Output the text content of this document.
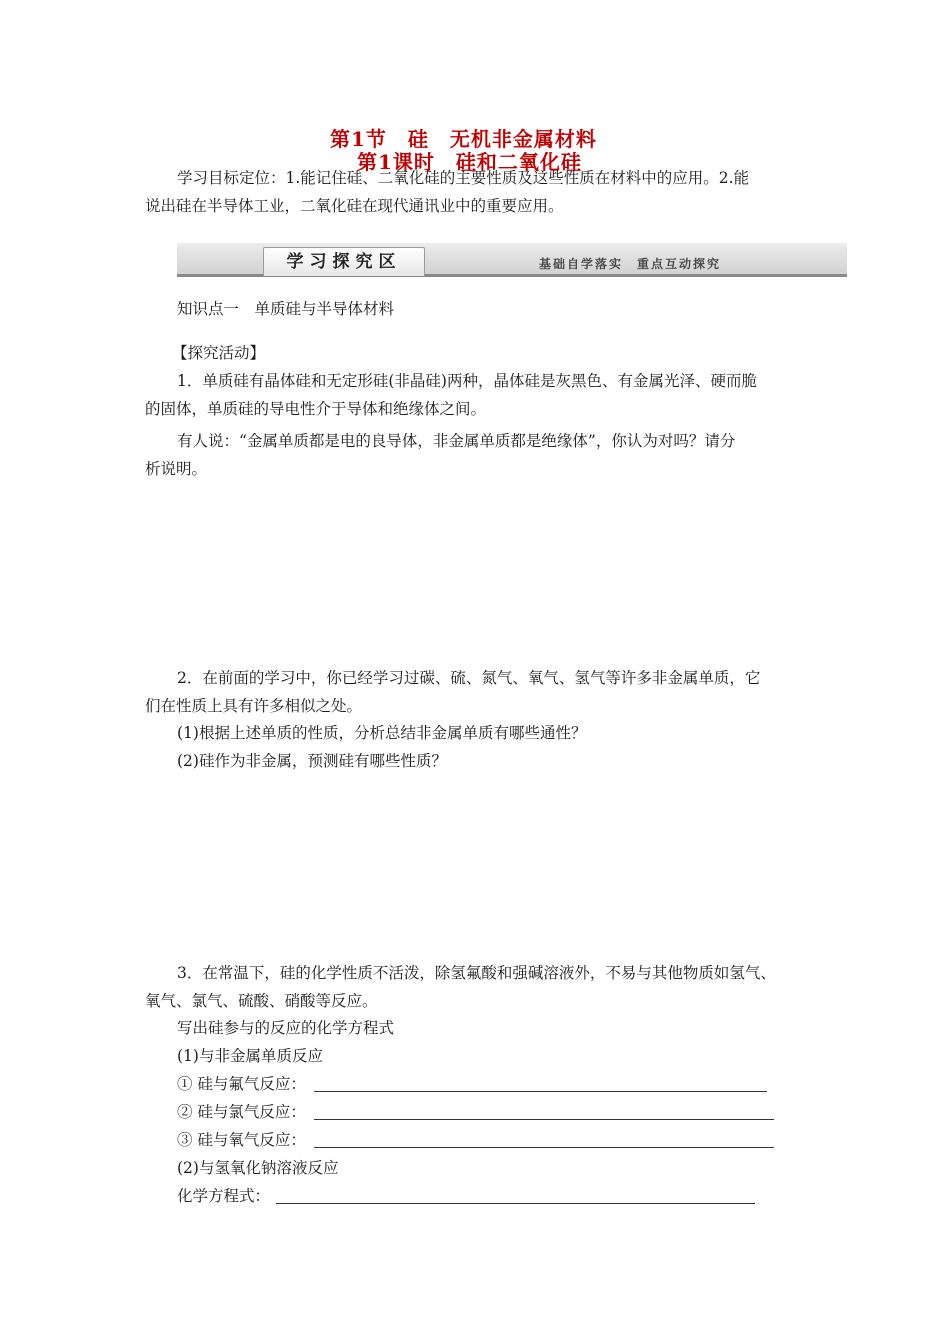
第1节　硅　无机非金属材料
第1课时　硅和二氧化硅
学习目标定位：1.能记住硅、二氧化硅的主要性质及这些性质在材料中的应用。2.能
说出硅在半导体工业，二氧化硅在现代通讯业中的重要应用。
学习探究区	基础自学落实　重点互动探究
知识点一　单质硅与半导体材料
【探究活动】
1．单质硅有晶体硅和无定形硅(非晶硅)两种，晶体硅是灰黑色、有金属光泽、硬而脆
的固体，单质硅的导电性介于导体和绝缘体之间。
有人说：“金属单质都是电的良导体，非金属单质都是绝缘体”，你认为对吗？请分
析说明。
2．在前面的学习中，你已经学习过碳、硫、氮气、氧气、氢气等许多非金属单质，它
们在性质上具有许多相似之处。
(1)根据上述单质的性质，分析总结非金属单质有哪些通性？
(2)硅作为非金属，预测硅有哪些性质？
3．在常温下，硅的化学性质不活泼，除氢氟酸和强碱溶液外，不易与其他物质如氢气、
氧气、氯气、硫酸、硝酸等反应。
写出硅参与的反应的化学方程式
(1)与非金属单质反应
① 硅与氟气反应：
② 硅与氯气反应：
③ 硅与氧气反应：
(2)与氢氧化钠溶液反应
化学方程式：
